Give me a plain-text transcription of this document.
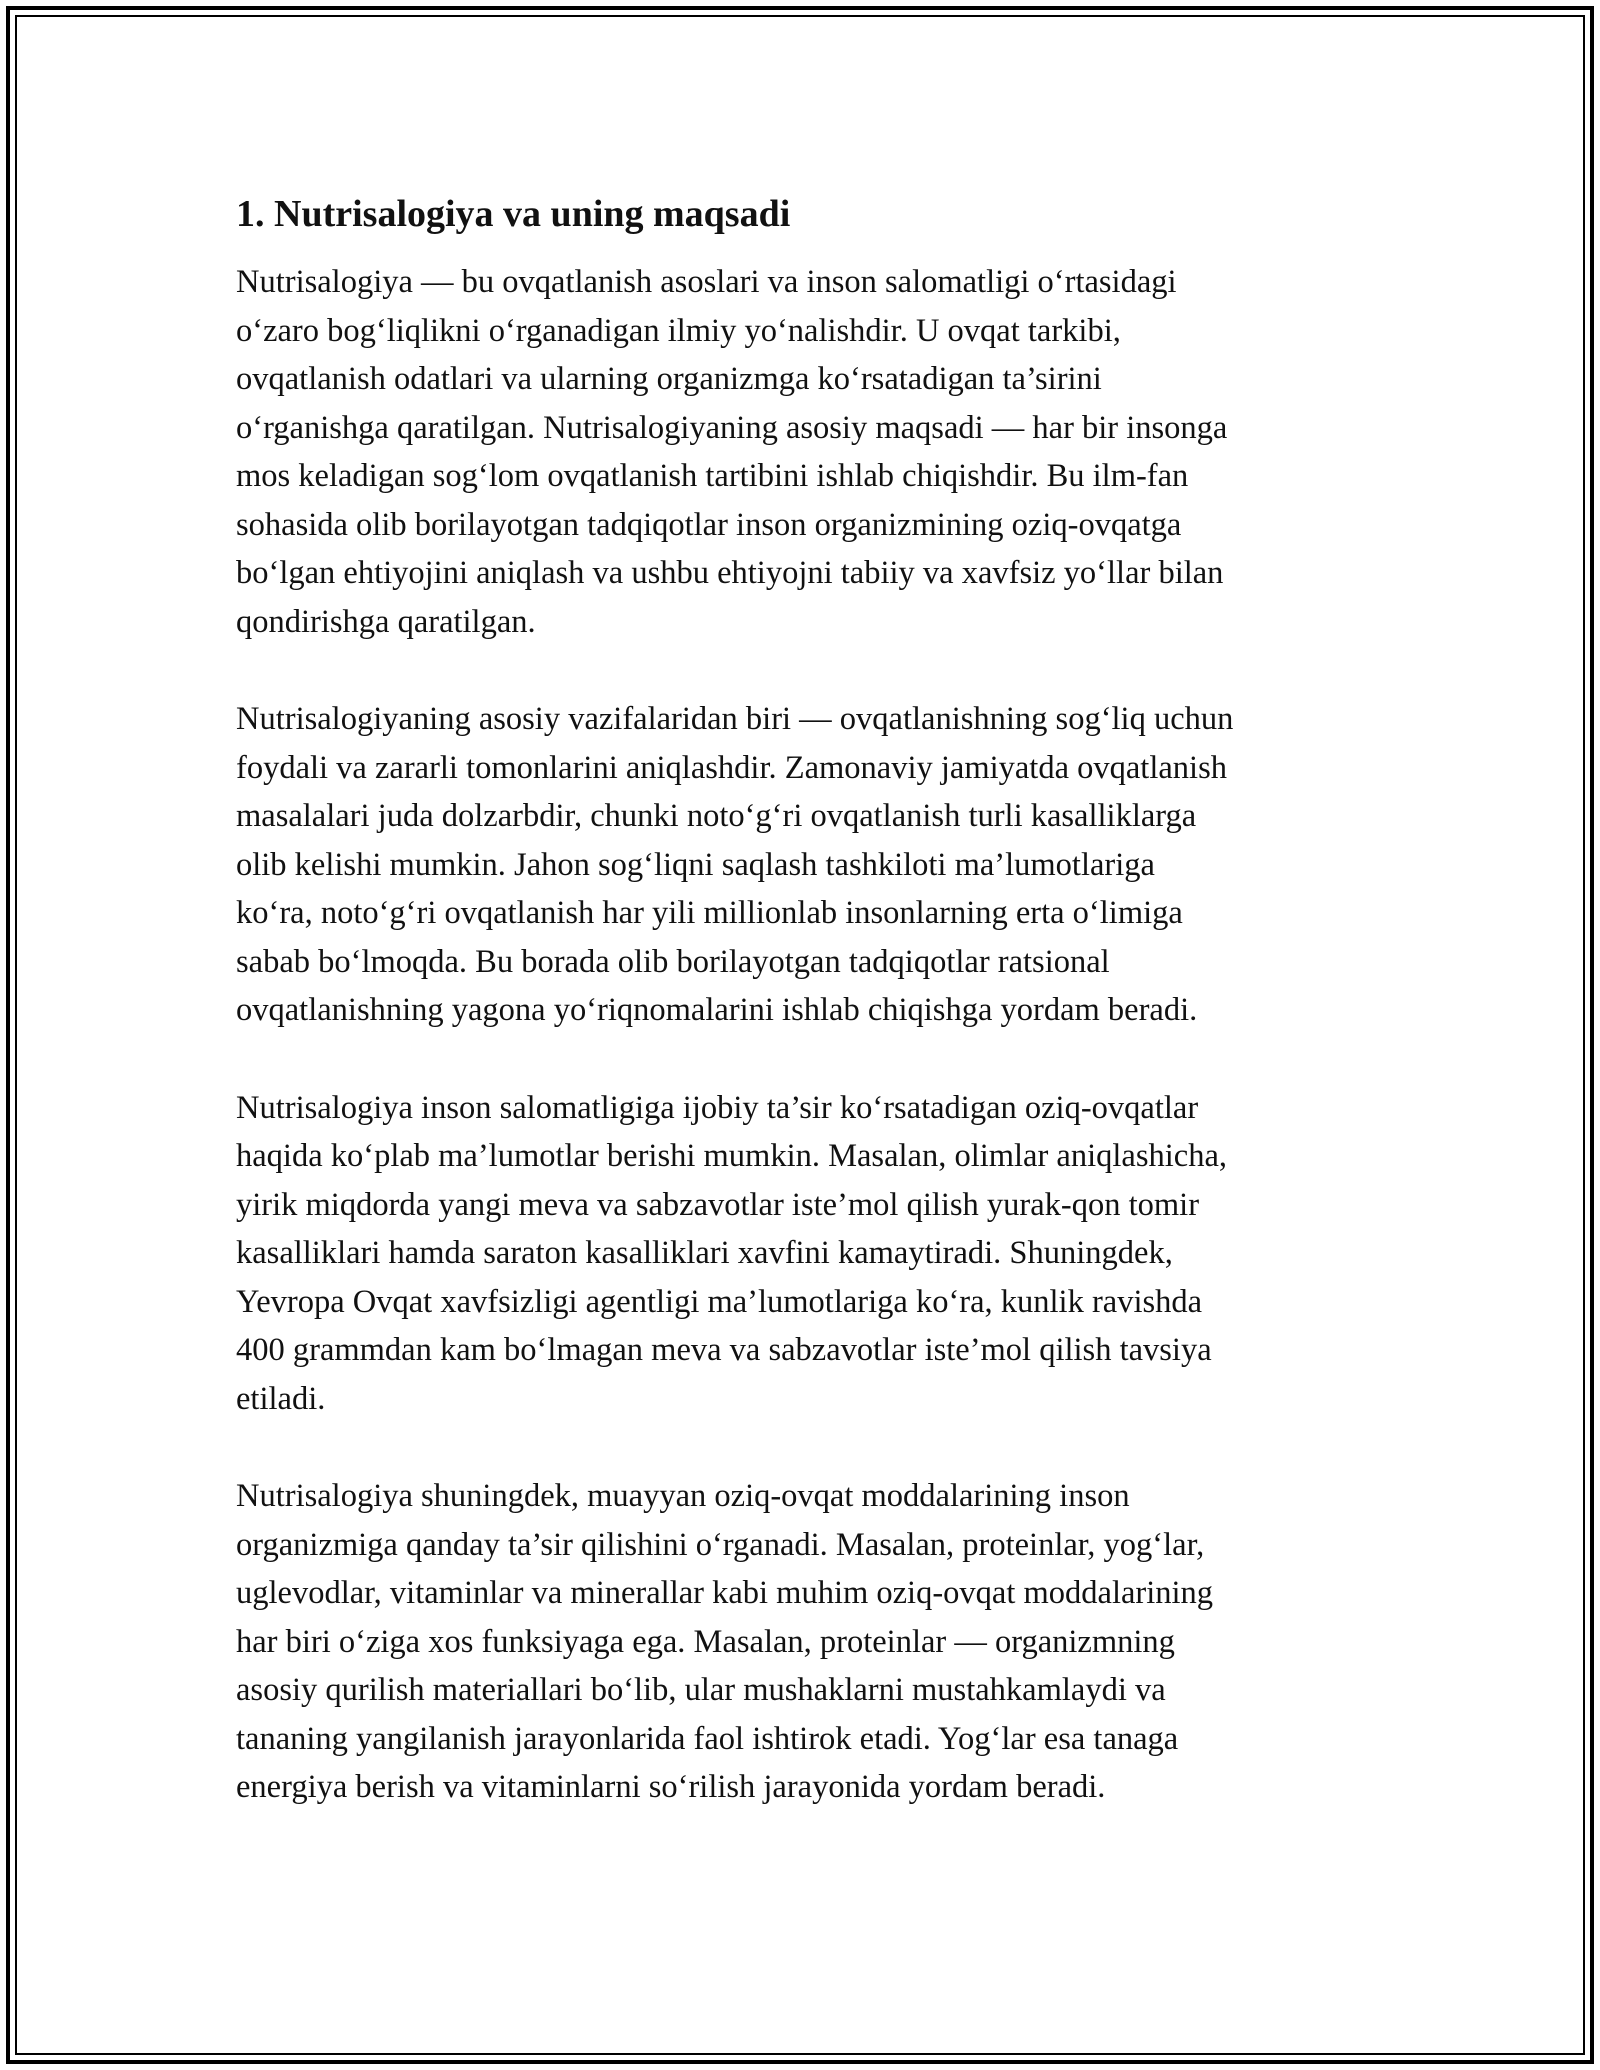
1. Nutrisalogiya va uning maqsadi

Nutrisalogiya — bu ovqatlanish asoslari va inson salomatligi o‘rtasidagi
o‘zaro bog‘liqlikni o‘rganadigan ilmiy yo‘nalishdir. U ovqat tarkibi,
ovqatlanish odatlari va ularning organizmga ko‘rsatadigan ta’sirini
o‘rganishga qaratilgan. Nutrisalogiyaning asosiy maqsadi — har bir insonga
mos keladigan sog‘lom ovqatlanish tartibini ishlab chiqishdir. Bu ilm-fan
sohasida olib borilayotgan tadqiqotlar inson organizmining oziq-ovqatga
bo‘lgan ehtiyojini aniqlash va ushbu ehtiyojni tabiiy va xavfsiz yo‘llar bilan
qondirishga qaratilgan.

Nutrisalogiyaning asosiy vazifalaridan biri — ovqatlanishning sog‘liq uchun
foydali va zararli tomonlarini aniqlashdir. Zamonaviy jamiyatda ovqatlanish
masalalari juda dolzarbdir, chunki noto‘g‘ri ovqatlanish turli kasalliklarga
olib kelishi mumkin. Jahon sog‘liqni saqlash tashkiloti ma’lumotlariga
ko‘ra, noto‘g‘ri ovqatlanish har yili millionlab insonlarning erta o‘limiga
sabab bo‘lmoqda. Bu borada olib borilayotgan tadqiqotlar ratsional
ovqatlanishning yagona yo‘riqnomalarini ishlab chiqishga yordam beradi.

Nutrisalogiya inson salomatligiga ijobiy ta’sir ko‘rsatadigan oziq-ovqatlar
haqida ko‘plab ma’lumotlar berishi mumkin. Masalan, olimlar aniqlashicha,
yirik miqdorda yangi meva va sabzavotlar iste’mol qilish yurak-qon tomir
kasalliklari hamda saraton kasalliklari xavfini kamaytiradi. Shuningdek,
Yevropa Ovqat xavfsizligi agentligi ma’lumotlariga ko‘ra, kunlik ravishda
400 grammdan kam bo‘lmagan meva va sabzavotlar iste’mol qilish tavsiya
etiladi.

Nutrisalogiya shuningdek, muayyan oziq-ovqat moddalarining inson
organizmiga qanday ta’sir qilishini o‘rganadi. Masalan, proteinlar, yog‘lar,
uglevodlar, vitaminlar va minerallar kabi muhim oziq-ovqat moddalarining
har biri o‘ziga xos funksiyaga ega. Masalan, proteinlar — organizmning
asosiy qurilish materiallari bo‘lib, ular mushaklarni mustahkamlaydi va
tananing yangilanish jarayonlarida faol ishtirok etadi. Yog‘lar esa tanaga
energiya berish va vitaminlarni so‘rilish jarayonida yordam beradi.
